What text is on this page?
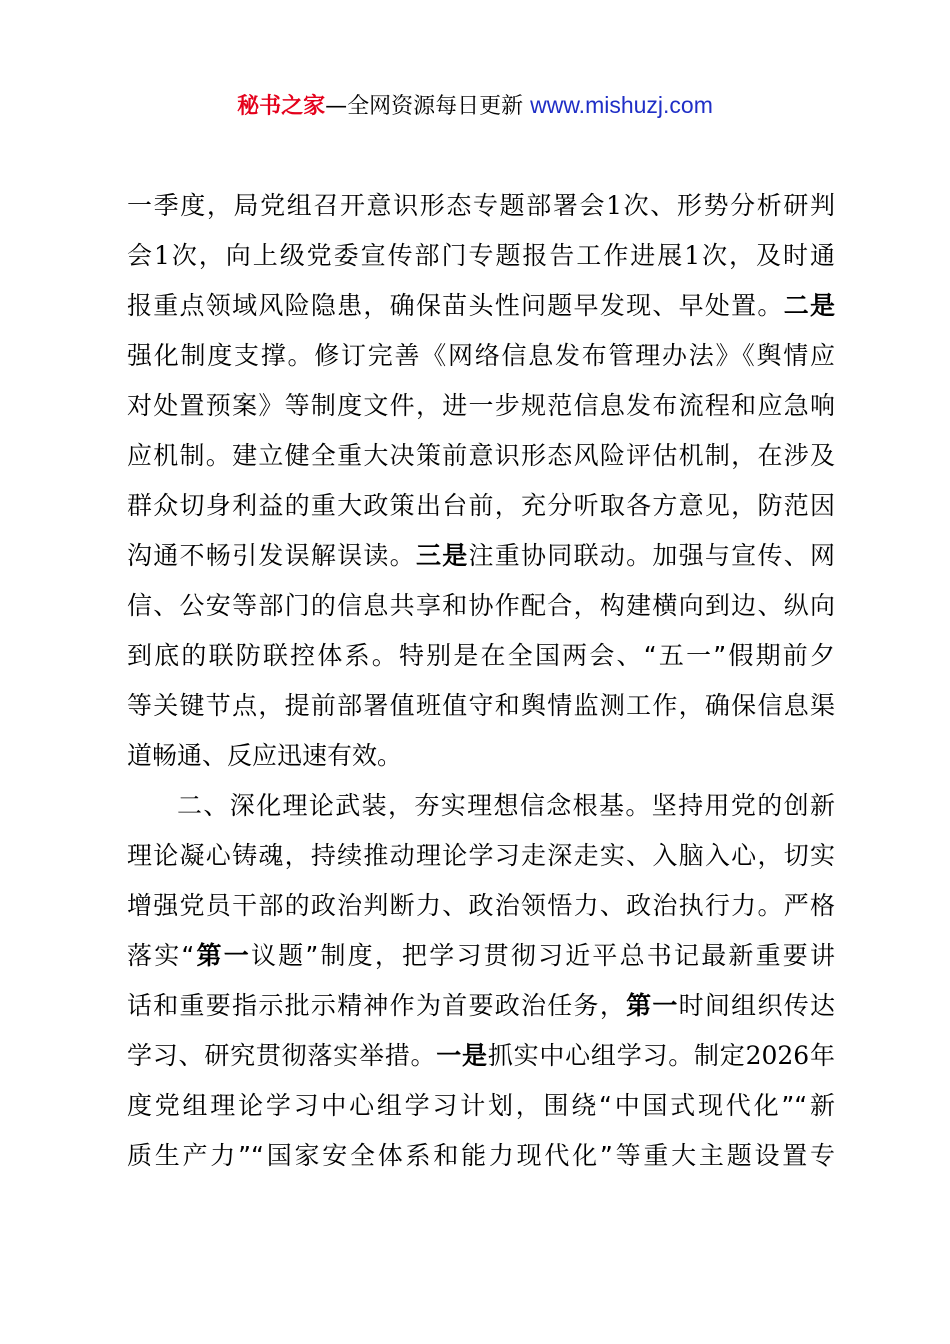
秘书之家—全网资源每日更新 www.mishuzj.com
一季度，局党组召开意识形态专题部署会1次、形势分析研判
会1次，向上级党委宣传部门专题报告工作进展1次，及时通
报重点领域风险隐患，确保苗头性问题早发现、早处置。二是
强化制度支撑。修订完善《网络信息发布管理办法》《舆情应
对处置预案》等制度文件，进一步规范信息发布流程和应急响
应机制。建立健全重大决策前意识形态风险评估机制，在涉及
群众切身利益的重大政策出台前，充分听取各方意见，防范因
沟通不畅引发误解误读。三是注重协同联动。加强与宣传、网
信、公安等部门的信息共享和协作配合，构建横向到边、纵向
到底的联防联控体系。特别是在全国两会、“五一”假期前夕
等关键节点，提前部署值班值守和舆情监测工作，确保信息渠
道畅通、反应迅速有效。
二、深化理论武装，夯实理想信念根基。坚持用党的创新
理论凝心铸魂，持续推动理论学习走深走实、入脑入心，切实
增强党员干部的政治判断力、政治领悟力、政治执行力。严格
落实“第一议题”制度，把学习贯彻习近平总书记最新重要讲
话和重要指示批示精神作为首要政治任务，第一时间组织传达
学习、研究贯彻落实举措。一是抓实中心组学习。制定2026年
度党组理论学习中心组学习计划，围绕“中国式现代化”“新
质生产力”“国家安全体系和能力现代化”等重大主题设置专
